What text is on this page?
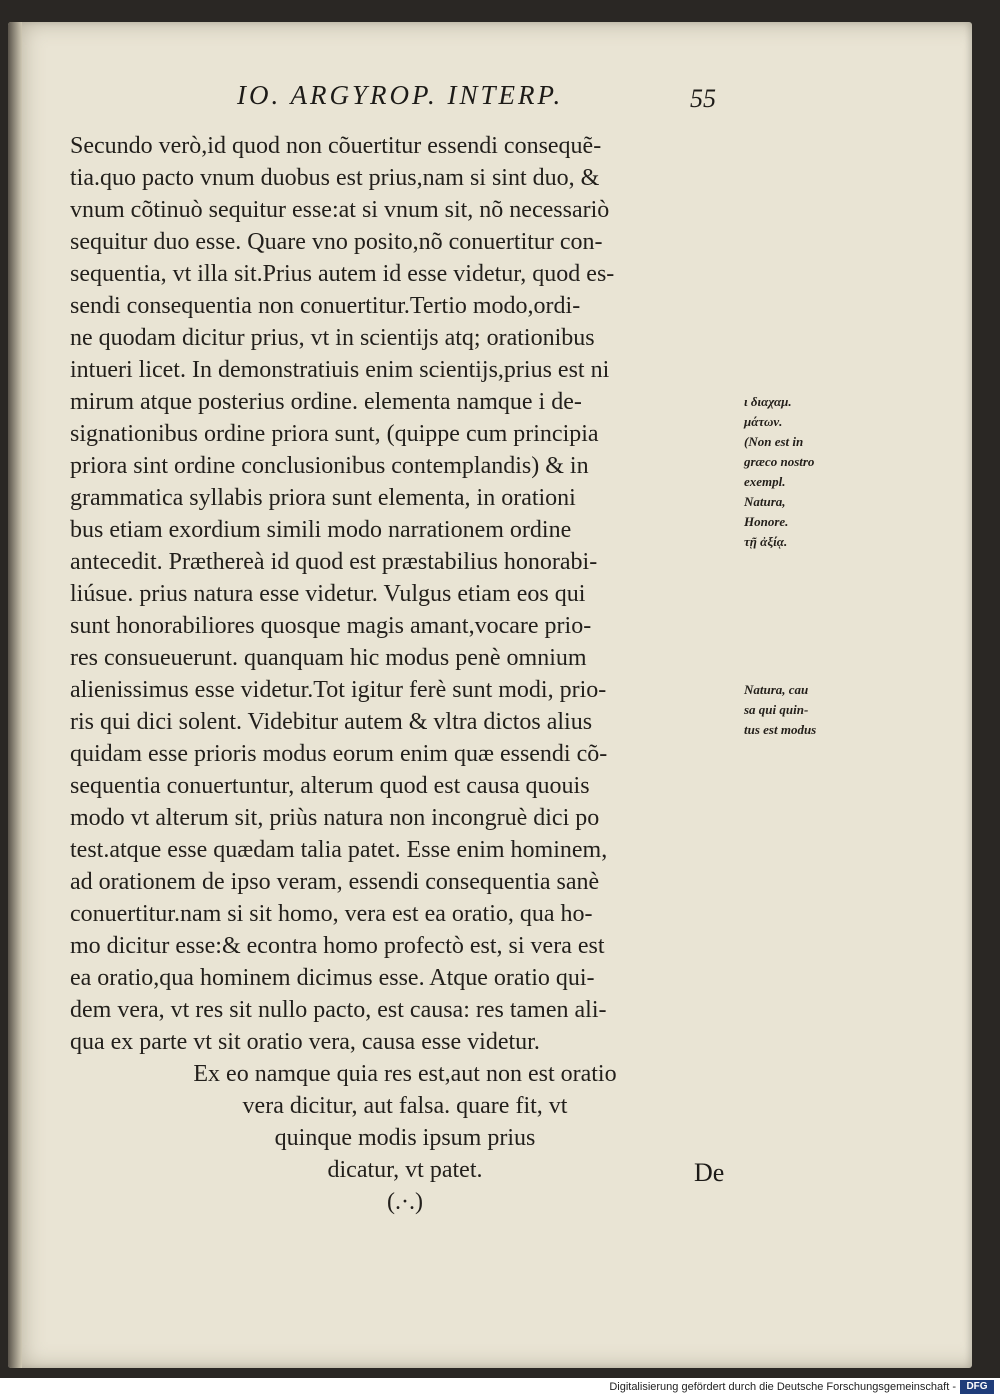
IO. ARGYROP. INTERP.	55
Secundo verò,id quod non cõuertitur essendi consequẽ-
tia.quo pacto vnum duobus est prius,nam si sint duo, &
vnum cõtinuò sequitur esse:at si vnum sit, nõ necessariò
sequitur duo esse. Quare vno posito,nõ conuertitur con-
sequentia, vt illa sit.Prius autem id esse videtur, quod es-
sendi consequentia non conuertitur.Tertio modo,ordi-
ne quodam dicitur prius, vt in scientijs atq; orationibus
intueri licet. In demonstratiuis enim scientijs,prius est ni
mirum atque posterius ordine. elementa namque i de-
signationibus ordine priora sunt, (quippe cum principia
priora sint ordine conclusionibus contemplandis) & in
grammatica syllabis priora sunt elementa, in orationi
bus etiam exordium simili modo narrationem ordine
antecedit. Præthereà id quod est præstabilius honorabi-
liúsue. prius natura esse videtur. Vulgus etiam eos qui
sunt honorabiliores quosque magis amant,vocare prio-
res consueuerunt. quanquam hic modus penè omnium
alienissimus esse videtur.Tot igitur ferè sunt modi, prio-
ris qui dici solent. Videbitur autem & vltra dictos alius
quidam esse prioris modus eorum enim quæ essendi cõ-
sequentia conuertuntur, alterum quod est causa quouis
modo vt alterum sit, priùs natura non incongruè dici po
test.atque esse quædam talia patet. Esse enim hominem,
ad orationem de ipso veram, essendi consequentia sanè
conuertitur.nam si sit homo, vera est ea oratio, qua ho-
mo dicitur esse:& econtra homo profectò est, si vera est
ea oratio,qua hominem dicimus esse. Atque oratio qui-
dem vera, vt res sit nullo pacto, est causa: res tamen ali-
qua ex parte vt sit oratio vera, causa esse videtur.
Ex eo namque quia res est,aut non est oratio
vera dicitur, aut falsa. quare fit, vt
quinque modis ipsum prius
dicatur, vt patet.
(.·.)
ι διαχαμ.
μάτων.
(Non est in
græco nostro
exempl.
Natura,
Honore.
τῇ ἀξίᾳ.
Natura, cau
sa qui quin-
tus est modus
De
Digitalisierung gefördert durch die Deutsche Forschungsgemeinschaft -	DFG
